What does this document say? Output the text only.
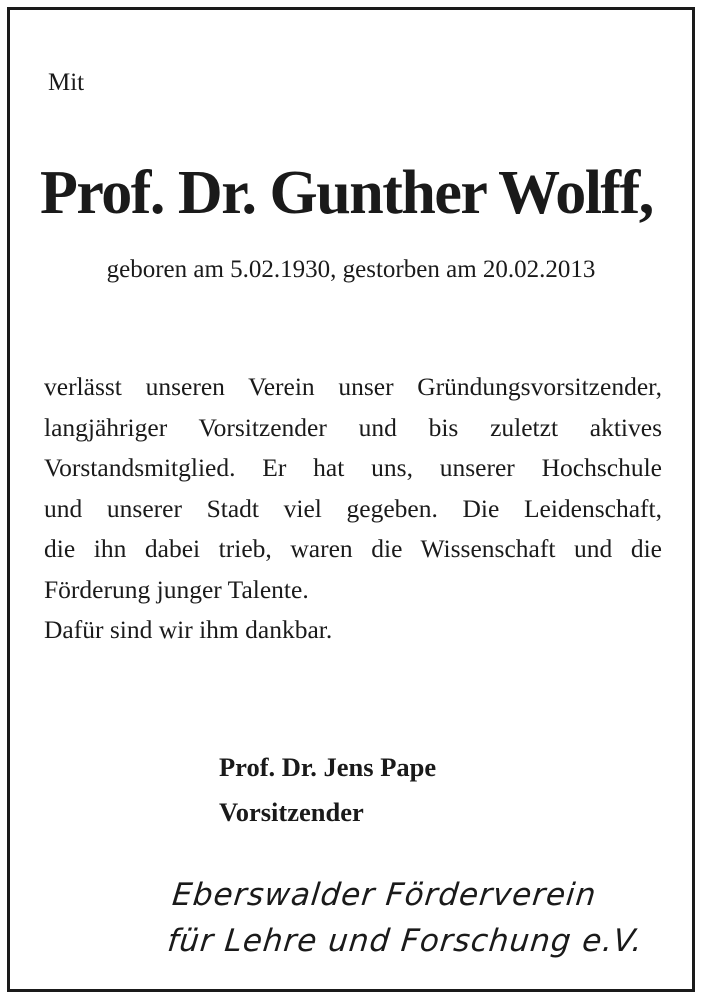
Mit
Prof. Dr. Gunther Wolff,
geboren am 5.02.1930, gestorben am 20.02.2013
verlässt unseren Verein unser Gründungsvorsitzender,
langjähriger Vorsitzender und bis zuletzt aktives
Vorstandsmitglied. Er hat uns, unserer Hochschule
und unserer Stadt viel gegeben. Die Leidenschaft,
die ihn dabei trieb, waren die Wissenschaft und die
Förderung junger Talente.
Dafür sind wir ihm dankbar.
Prof. Dr. Jens Pape
Vorsitzender
Eberswalder Förderverein
für Lehre und Forschung e.V.
